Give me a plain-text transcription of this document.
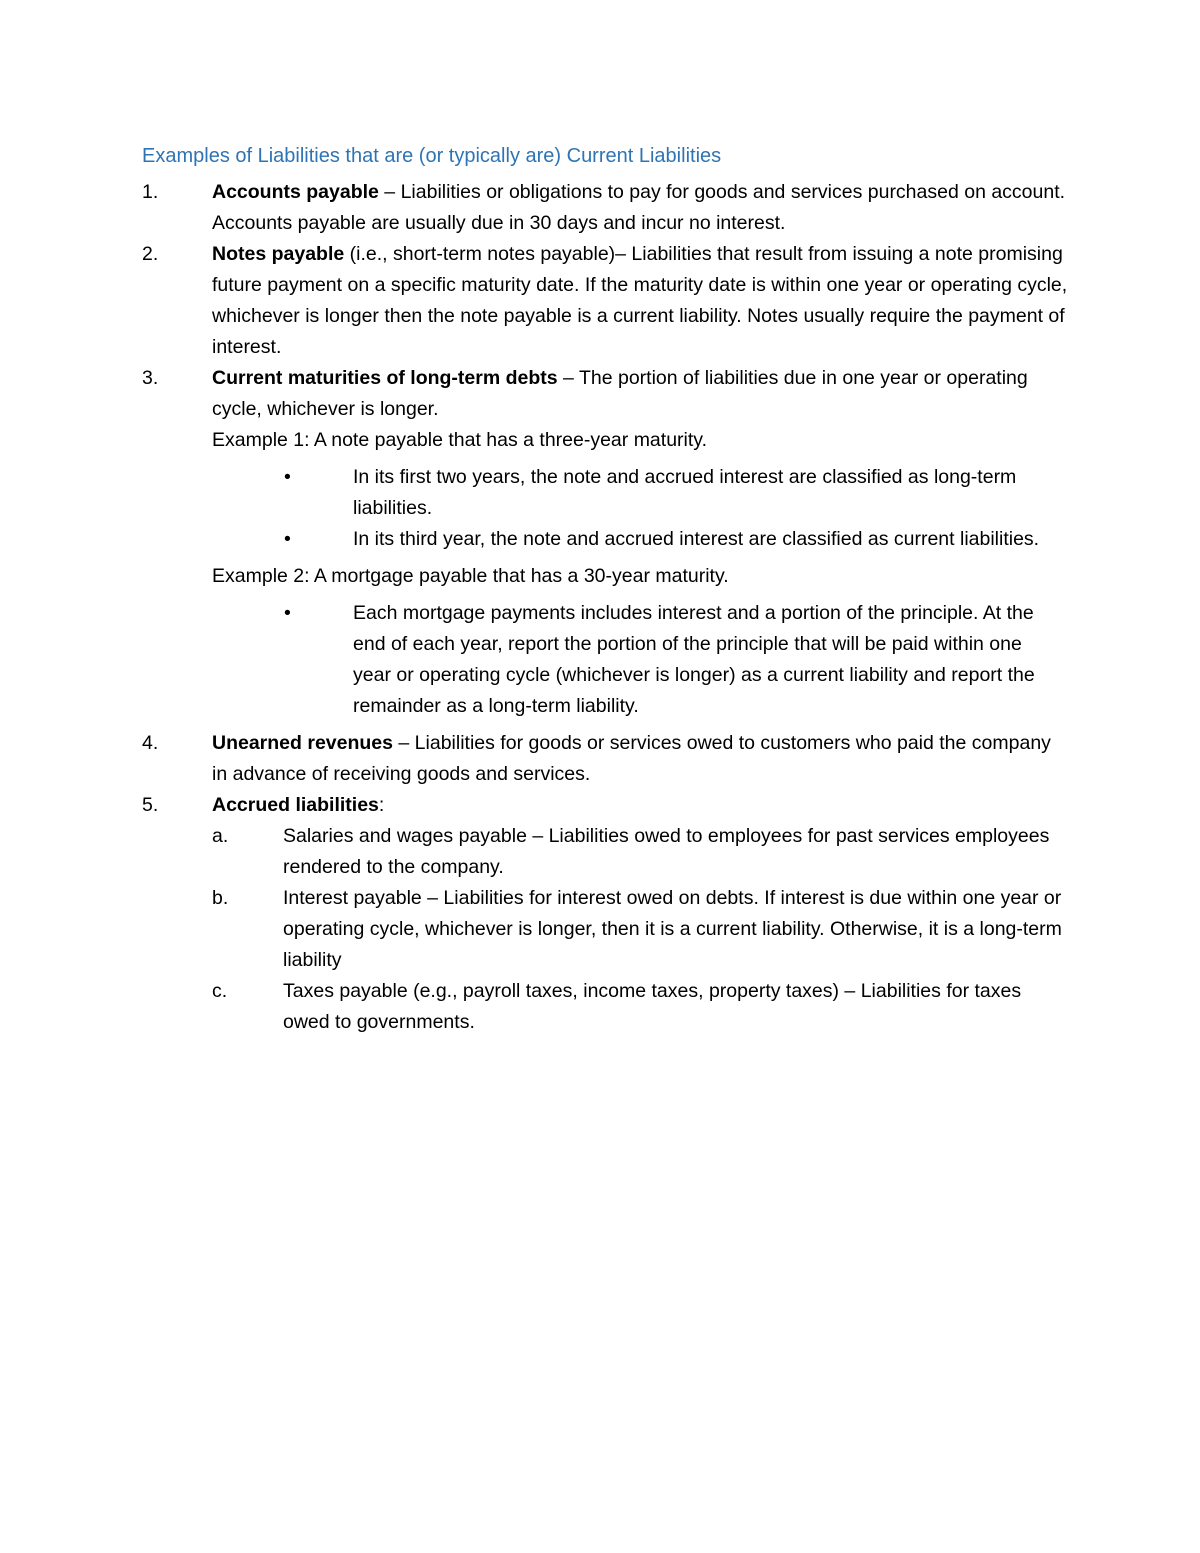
Examples of Liabilities that are (or typically are) Current Liabilities
1.	Accounts payable – Liabilities or obligations to pay for goods and services purchased on account. Accounts payable are usually due in 30 days and incur no interest.
2.	Notes payable (i.e., short-term notes payable)– Liabilities that result from issuing a note promising future payment on a specific maturity date. If the maturity date is within one year or operating cycle, whichever is longer then the note payable is a current liability. Notes usually require the payment of interest.
3.	Current maturities of long-term debts – The portion of liabilities due in one year or operating cycle, whichever is longer.
Example 1: A note payable that has a three-year maturity.
•	In its first two years, the note and accrued interest are classified as long-term liabilities.
•	In its third year, the note and accrued interest are classified as current liabilities.
Example 2: A mortgage payable that has a 30-year maturity.
•	Each mortgage payments includes interest and a portion of the principle. At the end of each year, report the portion of the principle that will be paid within one year or operating cycle (whichever is longer) as a current liability and report the remainder as a long-term liability.
4.	Unearned revenues – Liabilities for goods or services owed to customers who paid the company in advance of receiving goods and services.
5.	Accrued liabilities:
a.	Salaries and wages payable – Liabilities owed to employees for past services employees rendered to the company.
b.	Interest payable – Liabilities for interest owed on debts. If interest is due within one year or operating cycle, whichever is longer, then it is a current liability. Otherwise, it is a long-term liability
c.	Taxes payable (e.g., payroll taxes, income taxes, property taxes) – Liabilities for taxes owed to governments.
